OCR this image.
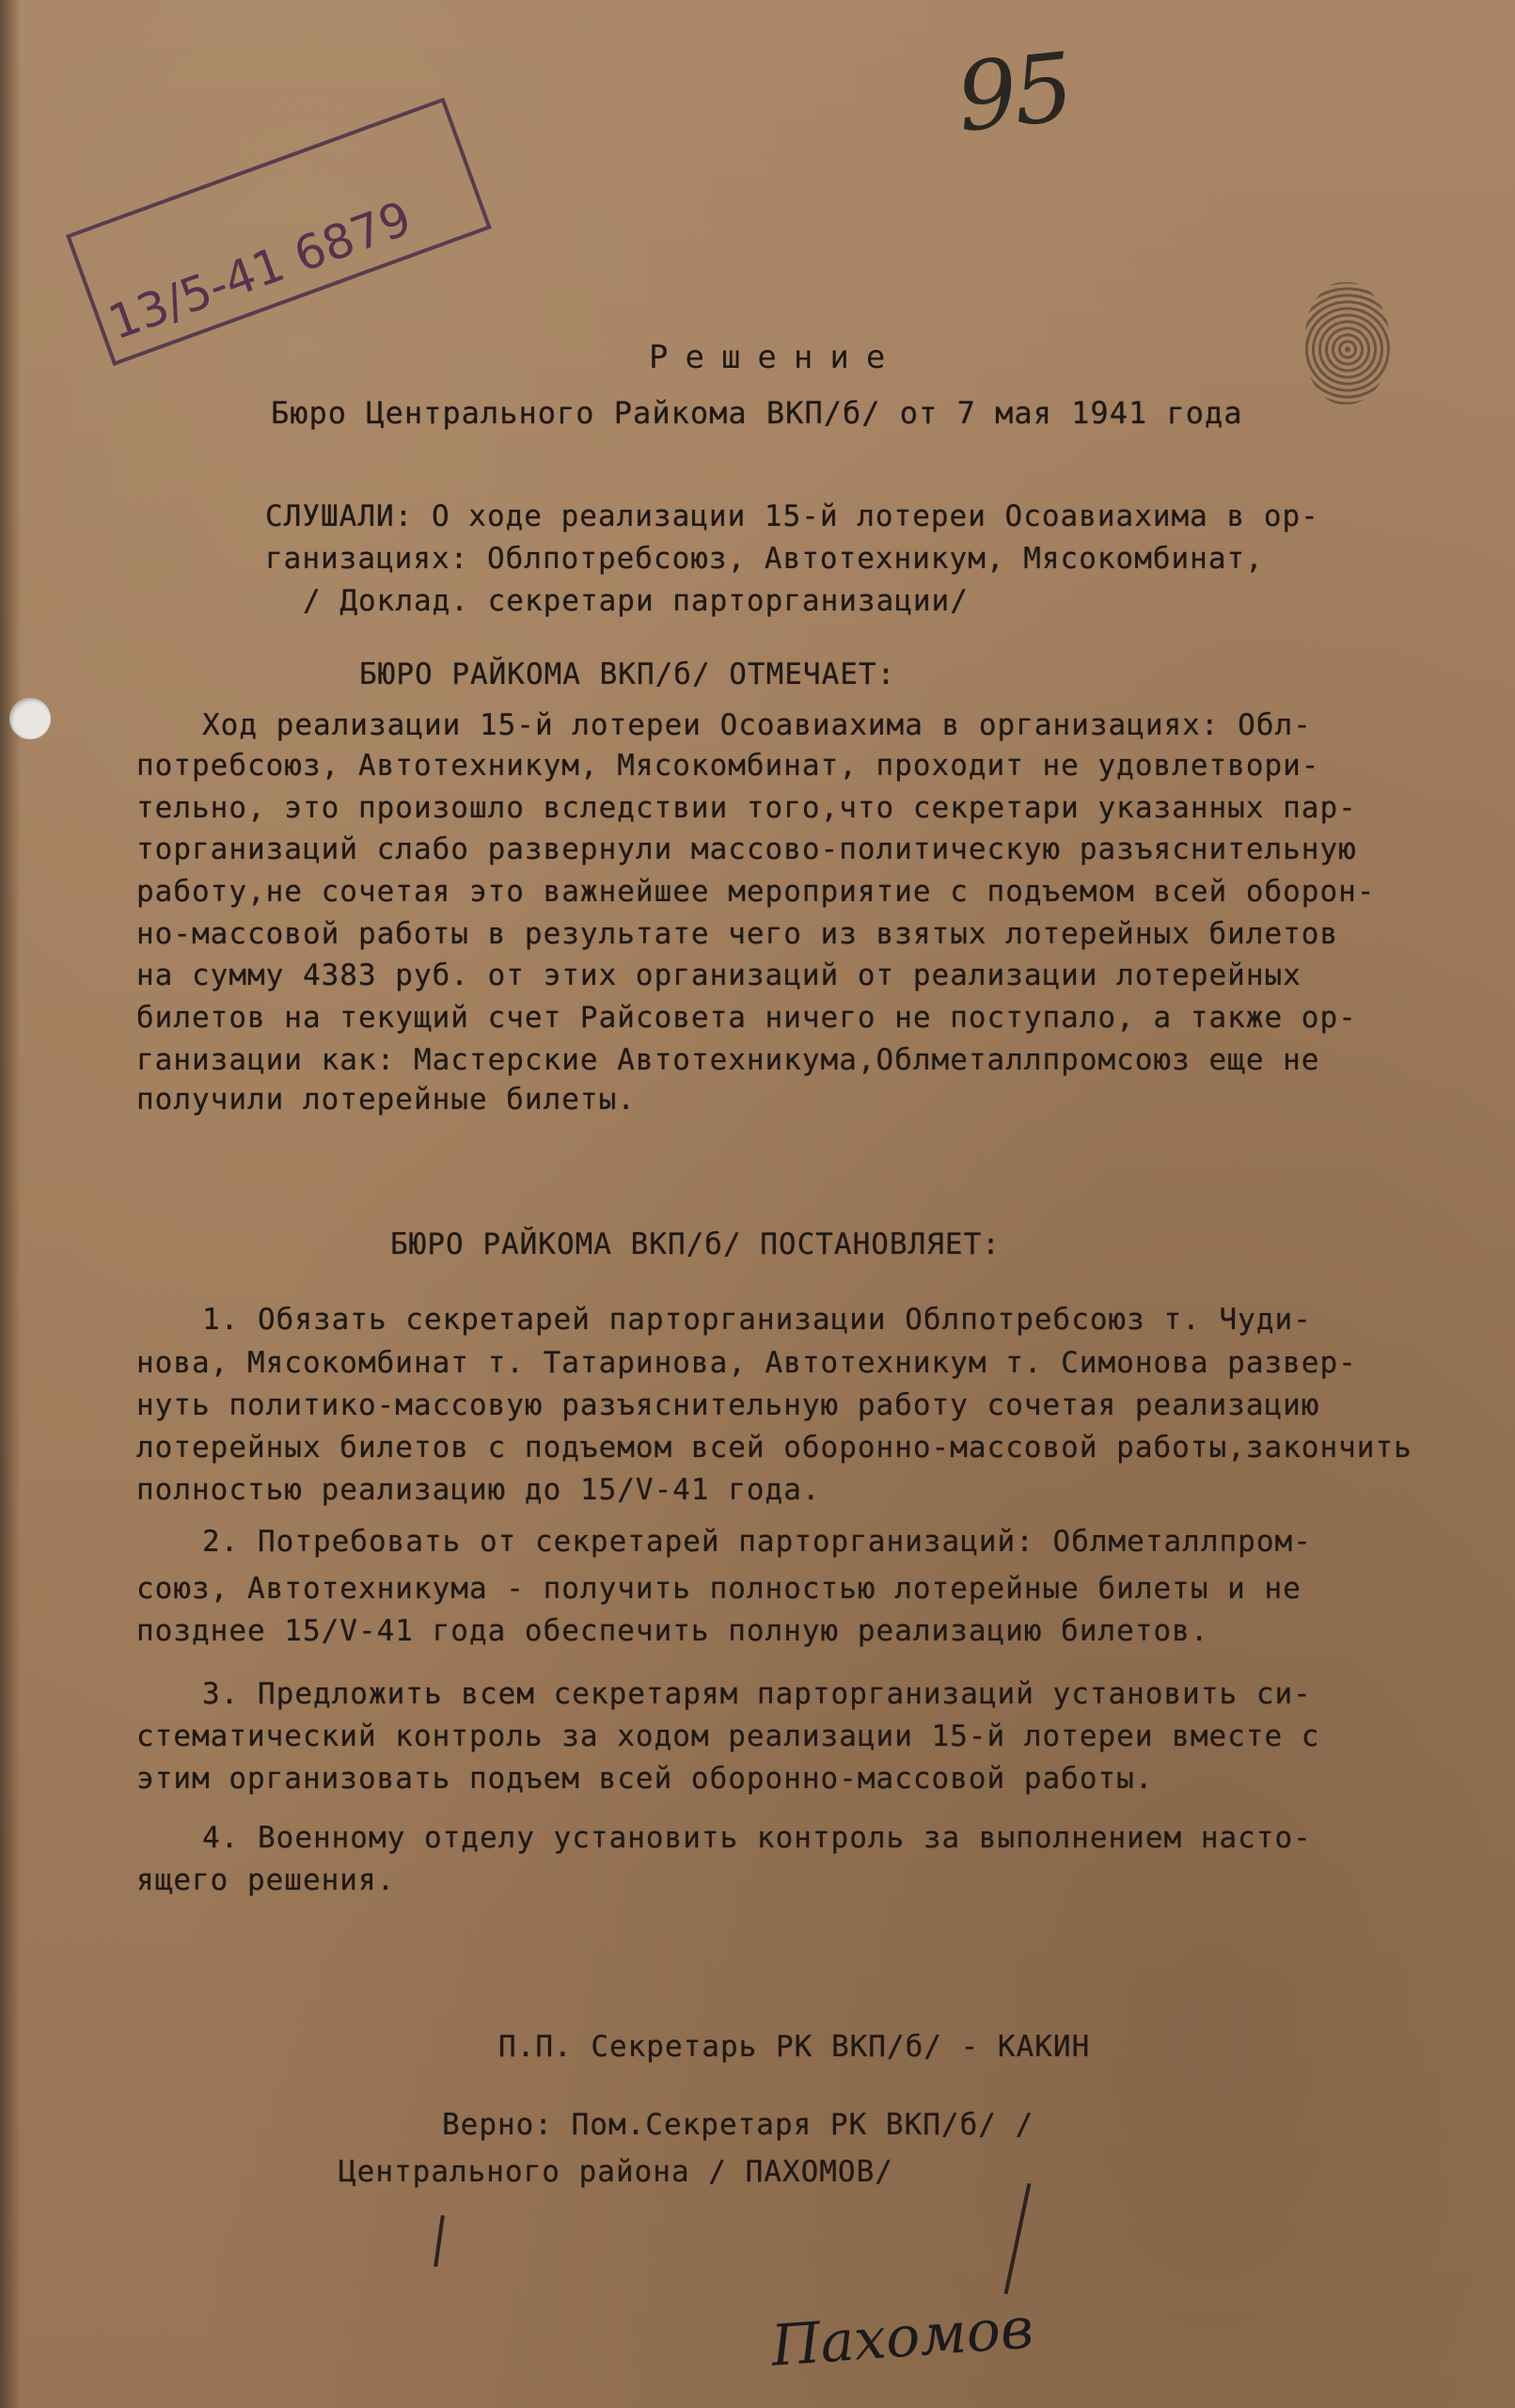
95
13/5-41 6879
Решение
Бюро Центрального Райкома ВКП/б/ от 7 мая 1941 года
СЛУШАЛИ: О ходе реализации 15-й лотереи Осоавиахима в ор-
ганизациях: Облпотребсоюз, Автотехникум, Мясокомбинат,
/ Доклад. секретари парторганизации/
БЮРО РАЙКОМА ВКП/б/ ОТМЕЧАЕТ:
Ход реализации 15-й лотереи Осоавиахима в организациях: Обл-
потребсоюз, Автотехникум, Мясокомбинат, проходит не удовлетвори-
тельно, это произошло вследствии того,что секретари указанных пар-
торганизаций слабо развернули массово-политическую разъяснительную
работу,не сочетая это важнейшее мероприятие с подъемом всей оборон-
но-массовой работы в результате чего из взятых лотерейных билетов
на сумму 4383 руб. от этих организаций от реализации лотерейных
билетов на текущий счет Райсовета ничего не поступало, а также ор-
ганизации как: Мастерские Автотехникума,Облметаллпромсоюз еще не
получили лотерейные билеты.
БЮРО РАЙКОМА ВКП/б/ ПОСТАНОВЛЯЕТ:
1. Обязать секретарей парторганизации Облпотребсоюз т. Чуди-
нова, Мясокомбинат т. Татаринова, Автотехникум т. Симонова развер-
нуть политико-массовую разъяснительную работу сочетая реализацию
лотерейных билетов с подъемом всей оборонно-массовой работы,закончить
полностью реализацию до 15/V-41 года.
2. Потребовать от секретарей парторганизаций: Облметаллпром-
союз, Автотехникума - получить полностью лотерейные билеты и не
позднее 15/V-41 года обеспечить полную реализацию билетов.
3. Предложить всем секретарям парторганизаций установить си-
стематический контроль за ходом реализации 15-й лотереи вместе с
этим организовать подъем всей оборонно-массовой работы.
4. Военному отделу установить контроль за выполнением насто-
ящего решения.
П.П. Секретарь РК ВКП/б/ - КАКИН
Верно: Пом.Секретаря РК ВКП/б/ /
Центрального района / ПАХОМОВ/
Пахомов
